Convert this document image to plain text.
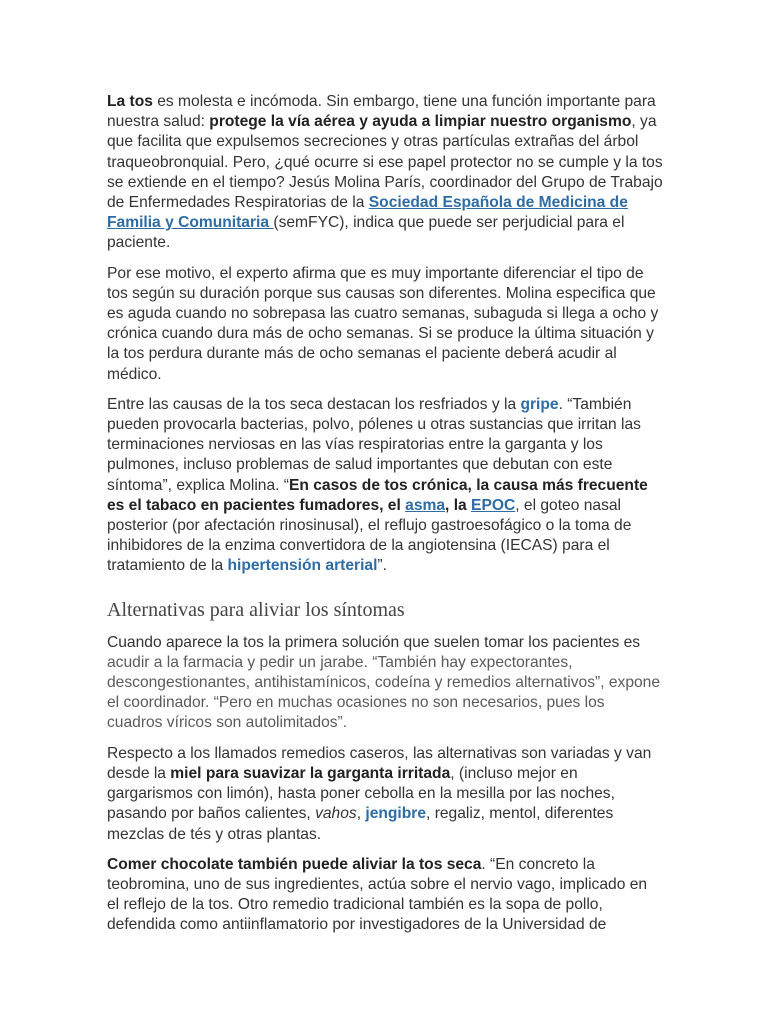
La tos es molesta e incómoda. Sin embargo, tiene una función importante para nuestra salud: protege la vía aérea y ayuda a limpiar nuestro organismo, ya que facilita que expulsemos secreciones y otras partículas extrañas del árbol traqueobronquial. Pero, ¿qué ocurre si ese papel protector no se cumple y la tos se extiende en el tiempo? Jesús Molina París, coordinador del Grupo de Trabajo de Enfermedades Respiratorias de la Sociedad Española de Medicina de Familia y Comunitaria (semFYC), indica que puede ser perjudicial para el paciente.

Por ese motivo, el experto afirma que es muy importante diferenciar el tipo de tos según su duración porque sus causas son diferentes. Molina especifica que es aguda cuando no sobrepasa las cuatro semanas, subaguda si llega a ocho y crónica cuando dura más de ocho semanas. Si se produce la última situación y la tos perdura durante más de ocho semanas el paciente deberá acudir al médico.

Entre las causas de la tos seca destacan los resfriados y la gripe. “También pueden provocarla bacterias, polvo, pólenes u otras sustancias que irritan las terminaciones nerviosas en las vías respiratorias entre la garganta y los pulmones, incluso problemas de salud importantes que debutan con este síntoma”, explica Molina. “En casos de tos crónica, la causa más frecuente es el tabaco en pacientes fumadores, el asma, la EPOC, el goteo nasal posterior (por afectación rinosinusal), el reflujo gastroesofágico o la toma de inhibidores de la enzima convertidora de la angiotensina (IECAS) para el tratamiento de la hipertensión arterial”.

Alternativas para aliviar los síntomas

Cuando aparece la tos la primera solución que suelen tomar los pacientes es acudir a la farmacia y pedir un jarabe. “También hay expectorantes, descongestionantes, antihistamínicos, codeína y remedios alternativos”, expone el coordinador. “Pero en muchas ocasiones no son necesarios, pues los cuadros víricos son autolimitados”.

Respecto a los llamados remedios caseros, las alternativas son variadas y van desde la miel para suavizar la garganta irritada, (incluso mejor en gargarismos con limón), hasta poner cebolla en la mesilla por las noches, pasando por baños calientes, vahos, jengibre, regaliz, mentol, diferentes mezclas de tés y otras plantas.

Comer chocolate también puede aliviar la tos seca. “En concreto la teobromina, uno de sus ingredientes, actúa sobre el nervio vago, implicado en el reflejo de la tos. Otro remedio tradicional también es la sopa de pollo, defendida como antiinflamatorio por investigadores de la Universidad de
